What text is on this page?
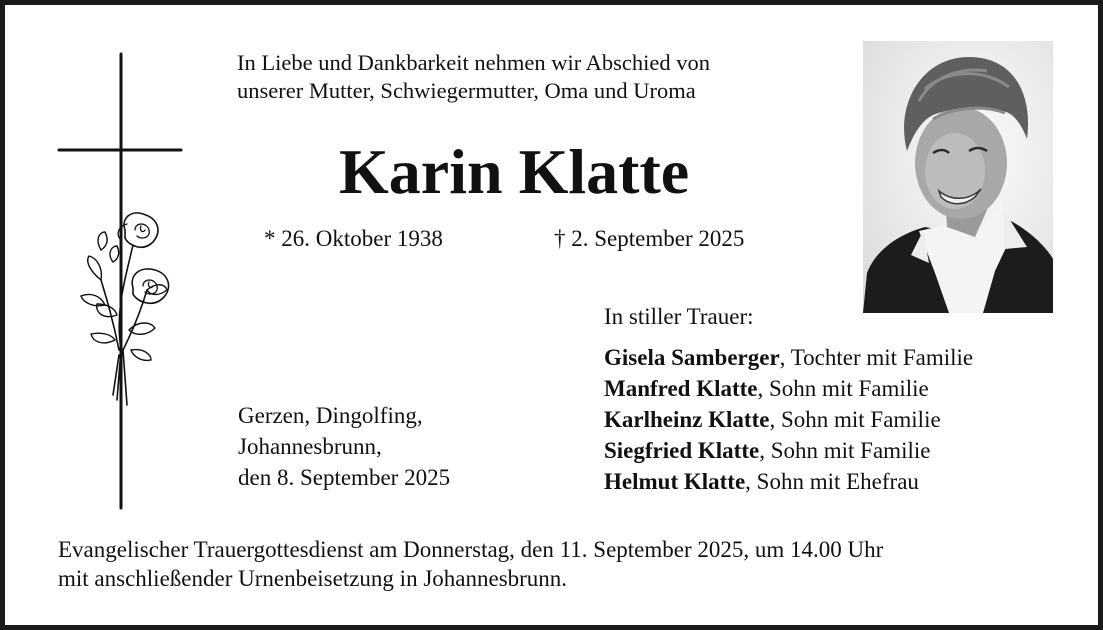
In Liebe und Dankbarkeit nehmen wir Abschied von
unserer Mutter, Schwiegermutter, Oma und Uroma
Karin Klatte
* 26. Oktober 1938	† 2. September 2025
Gerzen, Dingolfing,
Johannesbrunn,
den 8. September 2025
In stiller Trauer:
Gisela Samberger, Tochter mit Familie
Manfred Klatte, Sohn mit Familie
Karlheinz Klatte, Sohn mit Familie
Siegfried Klatte, Sohn mit Familie
Helmut Klatte, Sohn mit Ehefrau
Evangelischer Trauergottesdienst am Donnerstag, den 11. September 2025, um 14.00 Uhr
mit anschließender Urnenbeisetzung in Johannesbrunn.
